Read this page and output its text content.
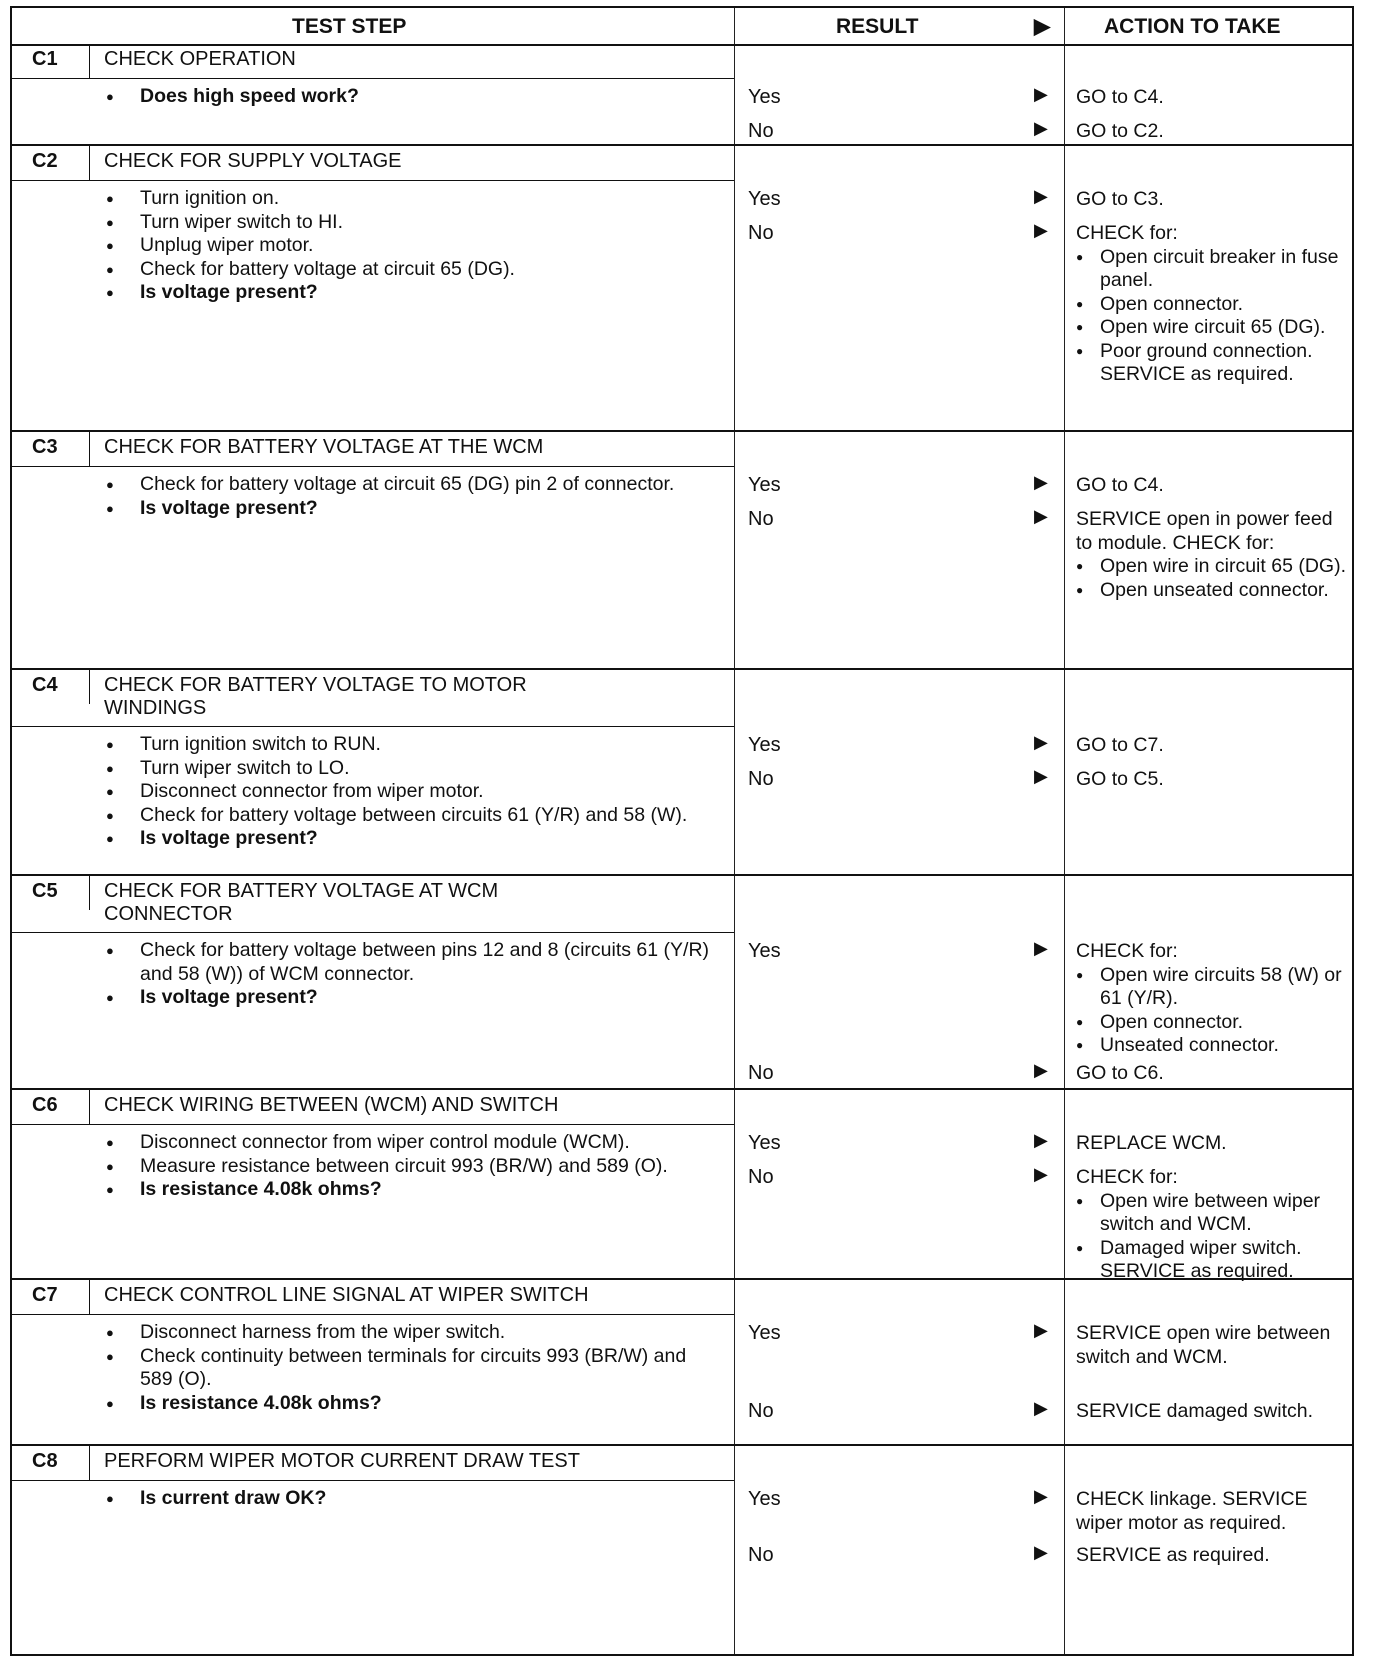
TEST STEP	RESULT	▶	ACTION TO TAKE
C1	CHECK OPERATION
● Does high speed work?	Yes	▶ GO to C4.
No	▶ GO to C2.
C2	CHECK FOR SUPPLY VOLTAGE
● Turn ignition on.
● Turn wiper switch to HI.
● Unplug wiper motor.
● Check for battery voltage at circuit 65 (DG).
● Is voltage present?
Yes	▶ GO to C3.
No	▶ CHECK for:
● Open circuit breaker in fuse panel.
● Open connector.
● Open wire circuit 65 (DG).
● Poor ground connection. SERVICE as required.
C3	CHECK FOR BATTERY VOLTAGE AT THE WCM
● Check for battery voltage at circuit 65 (DG) pin 2 of connector.
● Is voltage present?
Yes	▶ GO to C4.
No	▶ SERVICE open in power feed to module. CHECK for:
● Open wire in circuit 65 (DG).
● Open unseated connector.
C4	CHECK FOR BATTERY VOLTAGE TO MOTOR WINDINGS
● Turn ignition switch to RUN.
● Turn wiper switch to LO.
● Disconnect connector from wiper motor.
● Check for battery voltage between circuits 61 (Y/R) and 58 (W).
● Is voltage present?
Yes	▶ GO to C7.
No	▶ GO to C5.
C5	CHECK FOR BATTERY VOLTAGE AT WCM CONNECTOR
● Check for battery voltage between pins 12 and 8 (circuits 61 (Y/R) and 58 (W)) of WCM connector.
● Is voltage present?
Yes	▶ CHECK for:
● Open wire circuits 58 (W) or 61 (Y/R).
● Open connector.
● Unseated connector.
No	▶ GO to C6.
C6	CHECK WIRING BETWEEN (WCM) AND SWITCH
● Disconnect connector from wiper control module (WCM).
● Measure resistance between circuit 993 (BR/W) and 589 (O).
● Is resistance 4.08k ohms?
Yes	▶ REPLACE WCM.
No	▶ CHECK for:
● Open wire between wiper switch and WCM.
● Damaged wiper switch. SERVICE as required.
C7	CHECK CONTROL LINE SIGNAL AT WIPER SWITCH
● Disconnect harness from the wiper switch.
● Check continuity between terminals for circuits 993 (BR/W) and 589 (O).
● Is resistance 4.08k ohms?
Yes	▶ SERVICE open wire between switch and WCM.
No	▶ SERVICE damaged switch.
C8	PERFORM WIPER MOTOR CURRENT DRAW TEST
● Is current draw OK?	Yes	▶ CHECK linkage. SERVICE wiper motor as required.
No	▶ SERVICE as required.
